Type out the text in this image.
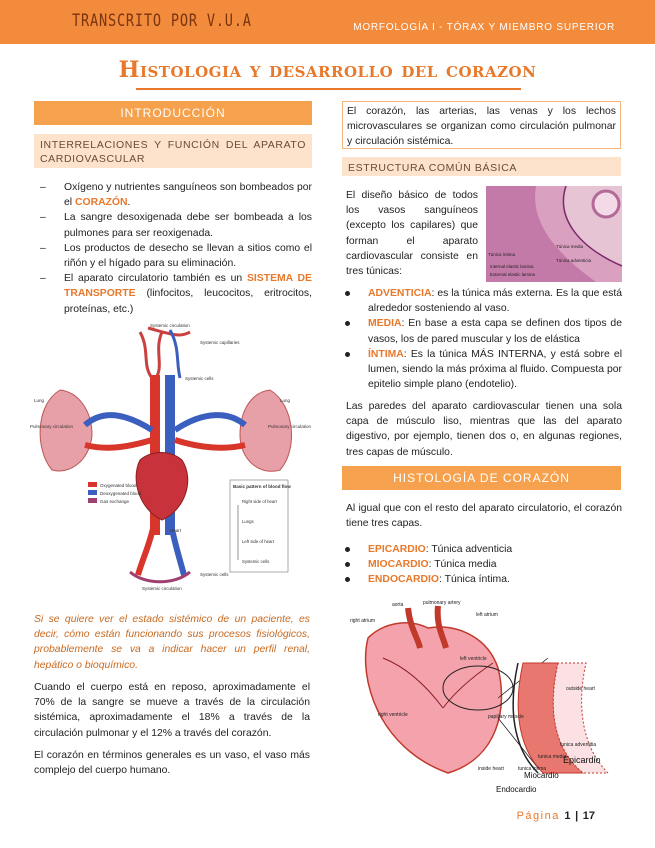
TRANSCRITO POR V.U.A	MORFOLOGÍA I - TÓRAX Y MIEMBRO SUPERIOR
Histologia y desarrollo del corazon
INTRODUCCIÓN
INTERRELACIONES Y FUNCIÓN DEL APARATO CARDIOVASCULAR
– Oxígeno y nutrientes sanguíneos son bombeados por el CORAZÓN.
– La sangre desoxigenada debe ser bombeada a los pulmones para ser reoxigenada.
– Los productos de desecho se llevan a sitios como el riñón y el hígado para su eliminación.
– El aparato circulatorio también es un SISTEMA DE TRANSPORTE (linfocitos, leucocitos, eritrocitos, proteínas, etc.)
Oxygenated blood
Deoxygenated blood
Gas exchange
Basic pattern of blood flow
Right side of heart
Lungs
Left side of heart
Systemic cells
Systemic circulation
Systemic capillaries
Lung	Lung
Pulmonary circulation	Pulmonary circulation
Heart
Systemic cells
Systemic circulation
Systemic cells
Si se quiere ver el estado sistémico de un paciente, es decir, cómo están funcionando sus procesos fisiológicos, probablemente se va a indicar hacer un perfil renal, hepático o bioquímico.
Cuando el cuerpo está en reposo, aproximadamente el 70% de la sangre se mueve a través de la circulación sistémica, aproximadamente el 18% a través de la circulación pulmonar y el 12% a través del corazón.
El corazón en términos generales es un vaso, el vaso más complejo del cuerpo humano.
El corazón, las arterias, las venas y los lechos microvasculares se organizan como circulación pulmonar y circulación sistémica.
ESTRUCTURA COMÚN BÁSICA
El diseño básico de todos los vasos sanguíneos (excepto los capilares) que forman el aparato cardiovascular consiste en tres túnicas:
Túnica íntima
Túnica media
Túnica adventicia
Internal elastic lamina
External elastic lamina
ADVENTICIA: es la túnica más externa. Es la que está alrededor sosteniendo al vaso.
MEDIA: En base a esta capa se definen dos tipos de vasos, los de pared muscular y los de elástica
ÍNTIMA: Es la túnica MÁS INTERNA, y está sobre el lumen, siendo la más próxima al fluido. Compuesta por epitelio simple plano (endotelio).
Las paredes del aparato cardiovascular tienen una sola capa de músculo liso, mientras que las del aparato digestivo, por ejemplo, tienen dos o, en algunas regiones, tres capas de músculo.
HISTOLOGÍA DE CORAZÓN
Al igual que con el resto del aparato circulatorio, el corazón tiene tres capas.
EPICARDIO: Túnica adventicia
MIOCARDIO: Túnica media
ENDOCARDIO: Túnica íntima.
aorta	pulmonary artery
right atrium
left atrium
left ventricle
right ventricle
outside heart
papillary muscle
tunica adventitia
tunica media
tunica intima
inside heart
Epicardio
Miocardio
Endocardio
Página 1 | 17
